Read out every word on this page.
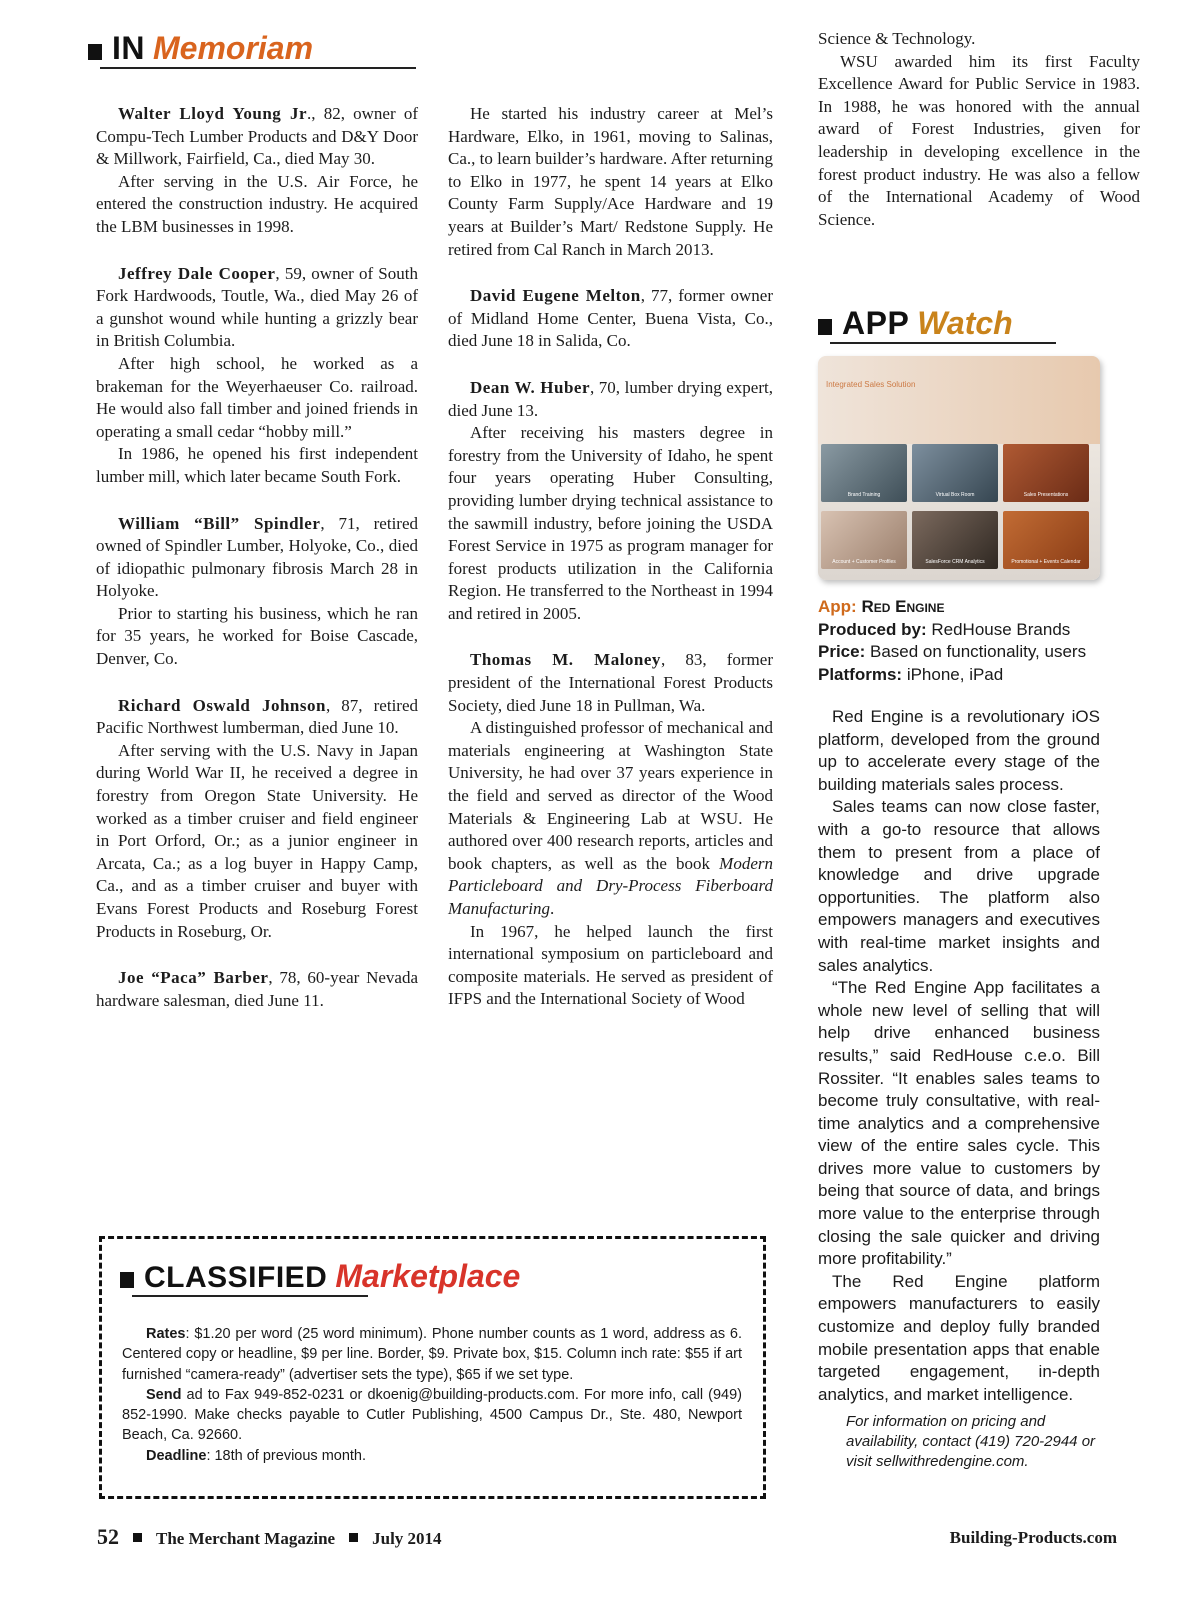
IN Memoriam

Walter Lloyd Young Jr., 82, owner of Compu-Tech Lumber Products and D&Y Door & Millwork, Fairfield, Ca., died May 30.

After serving in the U.S. Air Force, he entered the construction industry. He acquired the LBM businesses in 1998.

Jeffrey Dale Cooper, 59, owner of South Fork Hardwoods, Toutle, Wa., died May 26 of a gunshot wound while hunting a grizzly bear in British Columbia.

After high school, he worked as a brakeman for the Weyerhaeuser Co. railroad. He would also fall timber and joined friends in operating a small cedar “hobby mill.”

In 1986, he opened his first independent lumber mill, which later became South Fork.

William “Bill” Spindler, 71, retired owned of Spindler Lumber, Holyoke, Co., died of idiopathic pulmonary fibrosis March 28 in Holyoke.

Prior to starting his business, which he ran for 35 years, he worked for Boise Cascade, Denver, Co.

Richard Oswald Johnson, 87, retired Pacific Northwest lumberman, died June 10.

After serving with the U.S. Navy in Japan during World War II, he received a degree in forestry from Oregon State University. He worked as a timber cruiser and field engineer in Port Orford, Or.; as a junior engineer in Arcata, Ca.; as a log buyer in Happy Camp, Ca., and as a timber cruiser and buyer with Evans Forest Products and Roseburg Forest Products in Roseburg, Or.

Joe “Paca” Barber, 78, 60-year Nevada hardware salesman, died June 11.

He started his industry career at Mel’s Hardware, Elko, in 1961, moving to Salinas, Ca., to learn builder’s hardware. After returning to Elko in 1977, he spent 14 years at Elko County Farm Supply/Ace Hardware and 19 years at Builder’s Mart/ Redstone Supply. He retired from Cal Ranch in March 2013.

David Eugene Melton, 77, former owner of Midland Home Center, Buena Vista, Co., died June 18 in Salida, Co.

Dean W. Huber, 70, lumber drying expert, died June 13.

After receiving his masters degree in forestry from the University of Idaho, he spent four years operating Huber Consulting, providing lumber drying technical assistance to the sawmill industry, before joining the USDA Forest Service in 1975 as program manager for forest products utilization in the California Region. He transferred to the Northeast in 1994 and retired in 2005.

Thomas M. Maloney, 83, former president of the International Forest Products Society, died June 18 in Pullman, Wa.

A distinguished professor of mechanical and materials engineering at Washington State University, he had over 37 years experience in the field and served as director of the Wood Materials & Engineering Lab at WSU. He authored over 400 research reports, articles and book chapters, as well as the book Modern Particleboard and Dry-Process Fiberboard Manufacturing.

In 1967, he helped launch the first international symposium on particleboard and composite materials. He served as president of IFPS and the International Society of Wood

Science & Technology.

WSU awarded him its first Faculty Excellence Award for Public Service in 1983. In 1988, he was honored with the annual award of Forest Industries, given for leadership in developing excellence in the forest product industry. He was also a fellow of the International Academy of Wood Science.

APP Watch
Integrated Sales Solution
Brand Training	Virtual Box Room	Sales Presentations
Account + Customer Profiles	SalesForce CRM Analytics	Promotional + Events Calendar
App: Red Engine
Produced by: RedHouse Brands
Price: Based on functionality, users
Platforms: iPhone, iPad

Red Engine is a revolutionary iOS platform, developed from the ground up to accelerate every stage of the building materials sales process.

Sales teams can now close faster, with a go-to resource that allows them to present from a place of knowledge and drive upgrade opportunities. The platform also empowers managers and executives with real-time market insights and sales analytics.

“The Red Engine App facilitates a whole new level of selling that will help drive enhanced business results,” said RedHouse c.e.o. Bill Rossiter. “It enables sales teams to become truly consultative, with real-time analytics and a comprehensive view of the entire sales cycle. This drives more value to customers by being that source of data, and brings more value to the enterprise through closing the sale quicker and driving more profitability.”

The Red Engine platform empowers manufacturers to easily customize and deploy fully branded mobile presentation apps that enable targeted engagement, in-depth analytics, and market intelligence.

For information on pricing and availability, contact (419) 720-2944 or visit sellwithredengine.com.
CLASSIFIED Marketplace

Rates: $1.20 per word (25 word minimum). Phone number counts as 1 word, address as 6. Centered copy or headline, $9 per line. Border, $9. Private box, $15. Column inch rate: $55 if art furnished “camera-ready” (advertiser sets the type), $65 if we set type.

Send ad to Fax 949-852-0231 or dkoenig@building-products.com. For more info, call (949) 852-1990. Make checks payable to Cutler Publishing, 4500 Campus Dr., Ste. 480, Newport Beach, Ca. 92660.

Deadline: 18th of previous month.

52 The Merchant Magazine July 2014	Building-Products.com
